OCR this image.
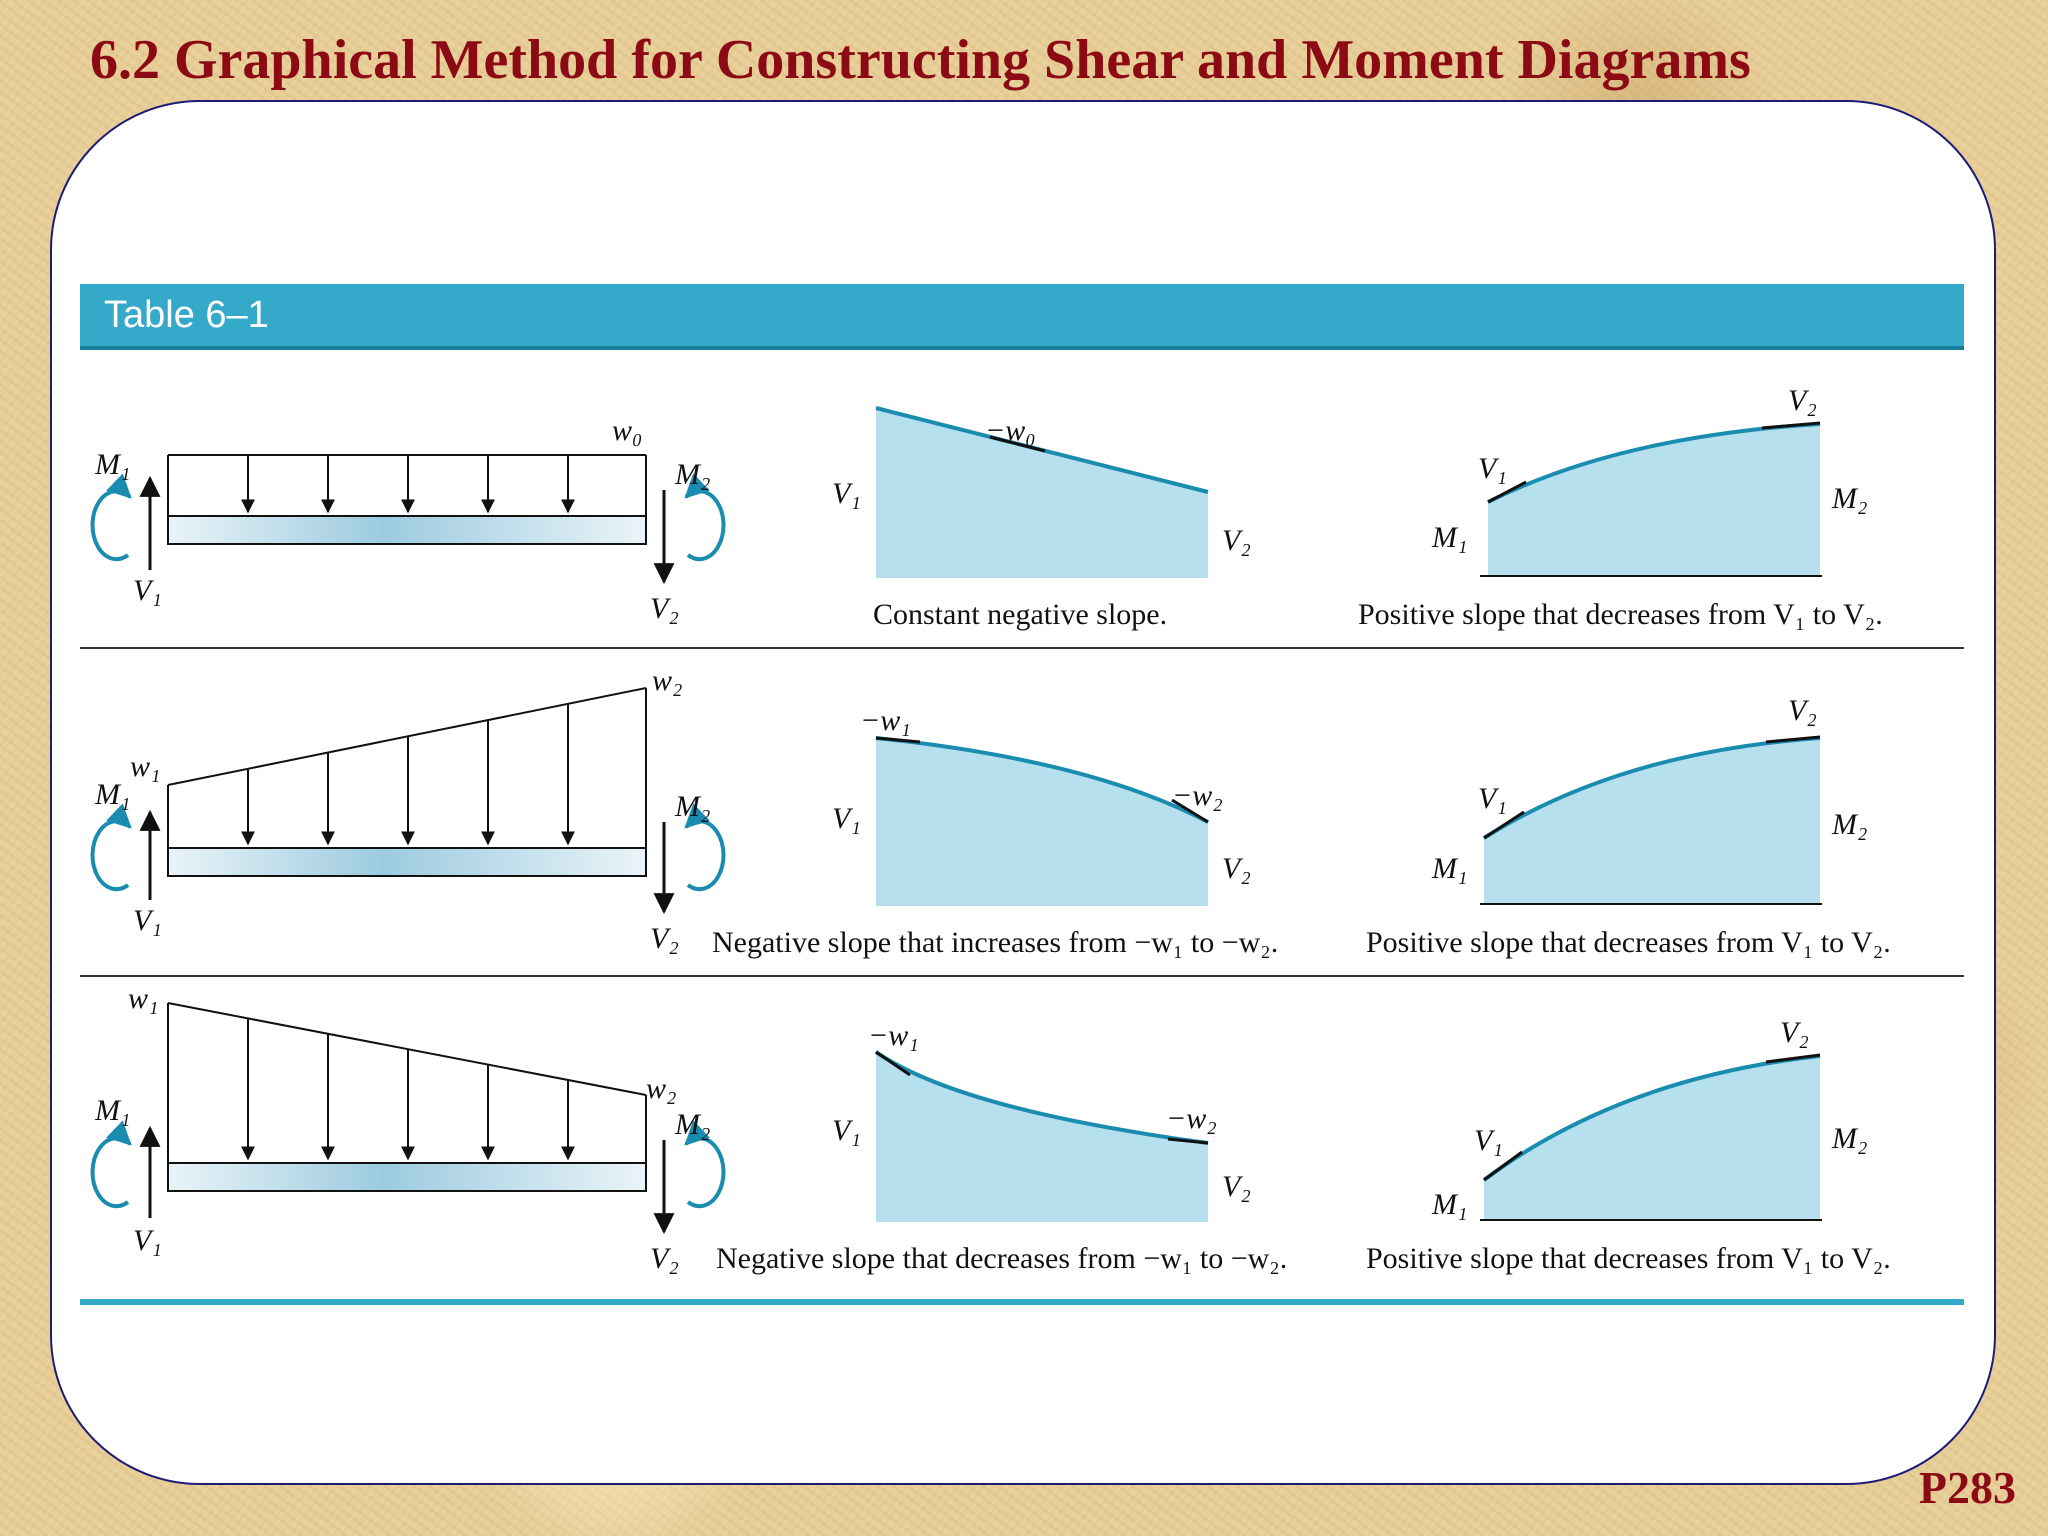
6.2 Graphical Method for Constructing Shear and Moment Diagrams
Table 6–1
w₀
M₁	M₂
V₁
V₂
−w₀
V₁
V₂
Constant negative slope.
V₂
V₁
M₁
M₂
Positive slope that decreases from V₁ to V₂.
w₁
w₂
M₁	M₂
V₁
V₂
−w₁
−w₂
V₁
V₂
Negative slope that increases from −w₁ to −w₂.
V₂
V₁
M₁
M₂
Positive slope that decreases from V₁ to V₂.
w₁
w₂
M₁	M₂
V₁
V₂
−w₁
−w₂
V₁
V₂
Negative slope that decreases from −w₁ to −w₂.
V₂
V₁
M₁
M₂
Positive slope that decreases from V₁ to V₂.

P283
